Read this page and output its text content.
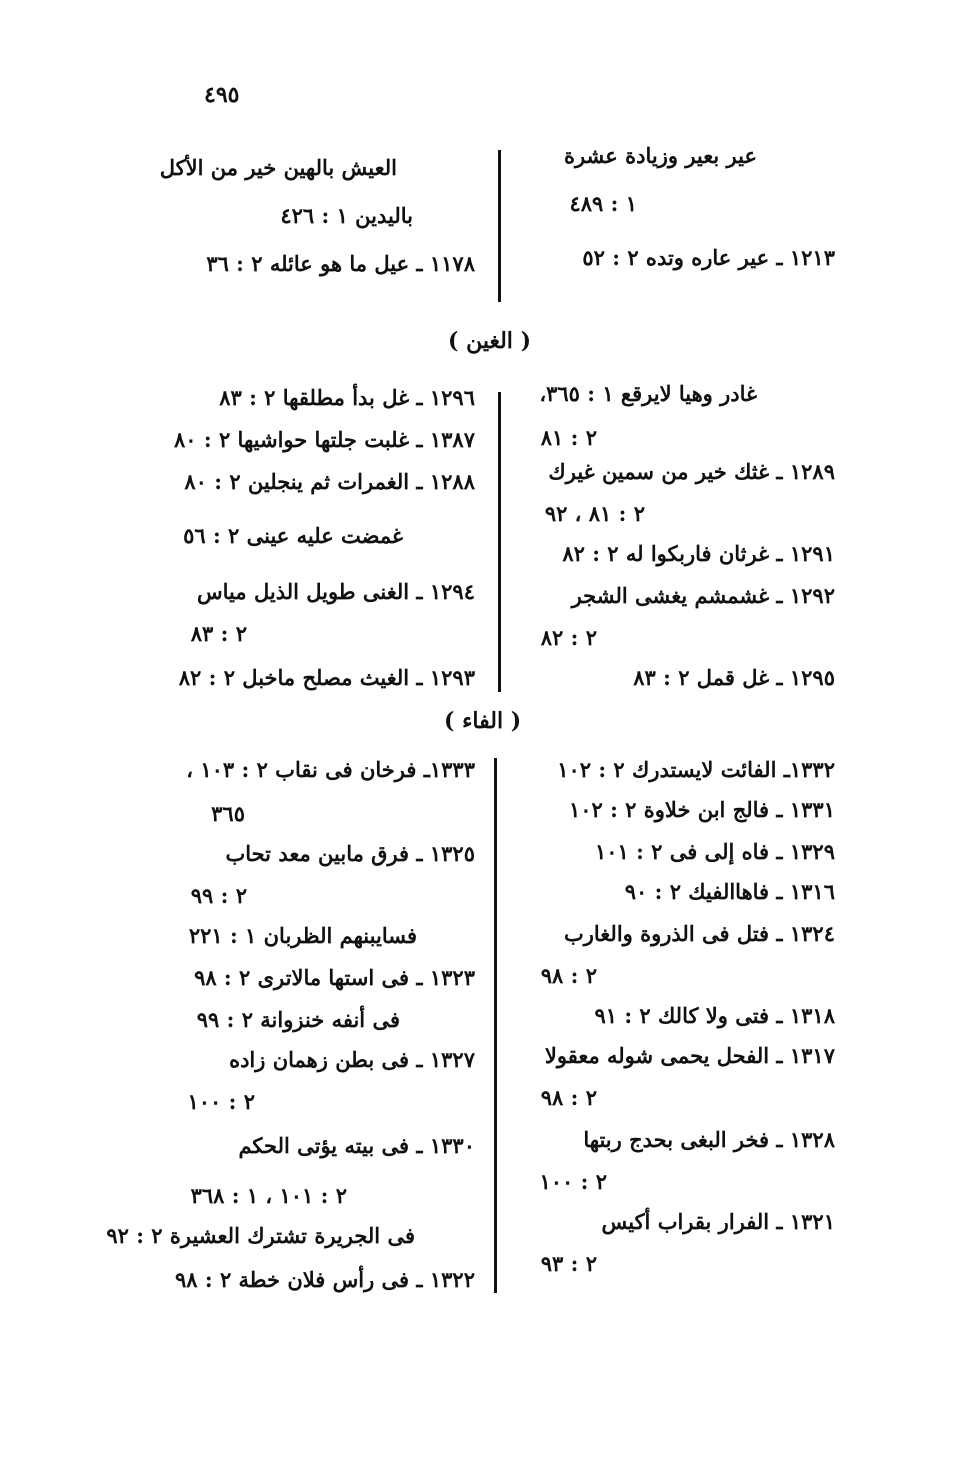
٤٩٥
عير بعير وزيادة عشرة
١ : ٤٨٩
١٢١٣ ـ عير عاره وتده ٢ : ٥٢
العيش بالهين خير من الأكل
باليدين ١ : ٤٢٦
١١٧٨ ـ عيل ما هو عائله ٢ : ٣٦
( الغين )
غادر وهيا لايرقع ١ : ٣٦٥،
٢ : ٨١
١٢٨٩ ـ غثك خير من سمين غيرك
٢ : ٨١ ، ٩٢
١٢٩١ ـ غرثان فاربكوا له ٢ : ٨٢
١٢٩٢ ـ غشمشم يغشى الشجر
٢ : ٨٢
١٢٩٥ ـ غل قمل ٢ : ٨٣
١٢٩٦ ـ غل بدأ مطلقها ٢ : ٨٣
١٣٨٧ ـ غلبت جلتها حواشيها ٢ : ٨٠
١٢٨٨ ـ الغمرات ثم ينجلين ٢ : ٨٠
غمضت عليه عينى ٢ : ٥٦
١٢٩٤ ـ الغنى طويل الذيل مياس
٢ : ٨٣
١٢٩٣ ـ الغيث مصلح ماخبل ٢ : ٨٢
( الفاء )
١٣٣٢ـ الفائت لايستدرك ٢ : ١٠٢
١٣٣١ ـ فالج ابن خلاوة ٢ : ١٠٢
١٣٢٩ ـ فاه إلى فى ٢ : ١٠١
١٣١٦ ـ فاهاالفيك ٢ : ٩٠
١٣٢٤ ـ فتل فى الذروة والغارب
٢ : ٩٨
١٣١٨ ـ فتى ولا كالك ٢ : ٩١
١٣١٧ ـ الفحل يحمى شوله معقولا
٢ : ٩٨
١٣٢٨ ـ فخر البغى بحدج ربتها
٢ : ١٠٠
١٣٢١ ـ الفرار بقراب أكيس
٢ : ٩٣
١٣٣٣ـ فرخان فى نقاب ٢ : ١٠٣ ،
٣٦٥
١٣٢٥ ـ فرق مابين معد تحاب
٢ : ٩٩
فسايبنهم الظربان ١ : ٢٢١
١٣٢٣ ـ فى استها مالاترى ٢ : ٩٨
فى أنفه خنزوانة ٢ : ٩٩
١٣٢٧ ـ فى بطن زهمان زاده
٢ : ١٠٠
١٣٣٠ ـ فى بيته يؤتى الحكم
٢ : ١٠١ ، ١ : ٣٦٨
فى الجريرة تشترك العشيرة ٢ : ٩٢
١٣٢٢ ـ فى رأس فلان خطة ٢ : ٩٨
